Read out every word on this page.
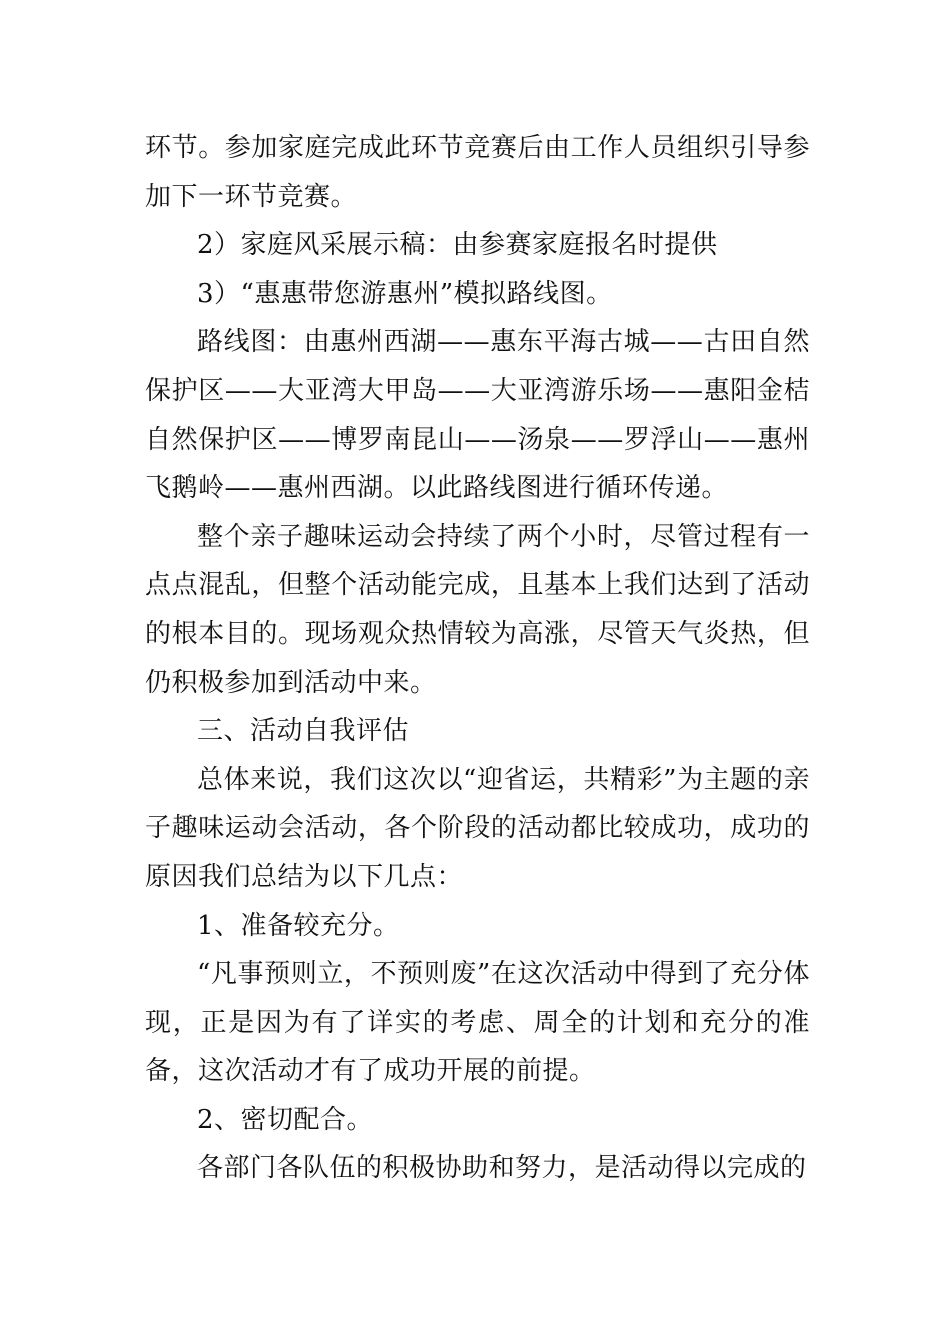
环节。参加家庭完成此环节竞赛后由工作人员组织引导参加下一环节竞赛。

2）家庭风采展示稿：由参赛家庭报名时提供

3）“惠惠带您游惠州”模拟路线图。

路线图：由惠州西湖——惠东平海古城——古田自然保护区——大亚湾大甲岛——大亚湾游乐场——惠阳金桔自然保护区——博罗南昆山——汤泉——罗浮山——惠州飞鹅岭——惠州西湖。以此路线图进行循环传递。

整个亲子趣味运动会持续了两个小时，尽管过程有一点点混乱，但整个活动能完成，且基本上我们达到了活动的根本目的。现场观众热情较为高涨，尽管天气炎热，但仍积极参加到活动中来。

三、活动自我评估

总体来说，我们这次以“迎省运，共精彩”为主题的亲子趣味运动会活动，各个阶段的活动都比较成功，成功的原因我们总结为以下几点：

1、准备较充分。

“凡事预则立，不预则废”在这次活动中得到了充分体现，正是因为有了详实的考虑、周全的计划和充分的准备，这次活动才有了成功开展的前提。

2、密切配合。

各部门各队伍的积极协助和努力，是活动得以完成的
